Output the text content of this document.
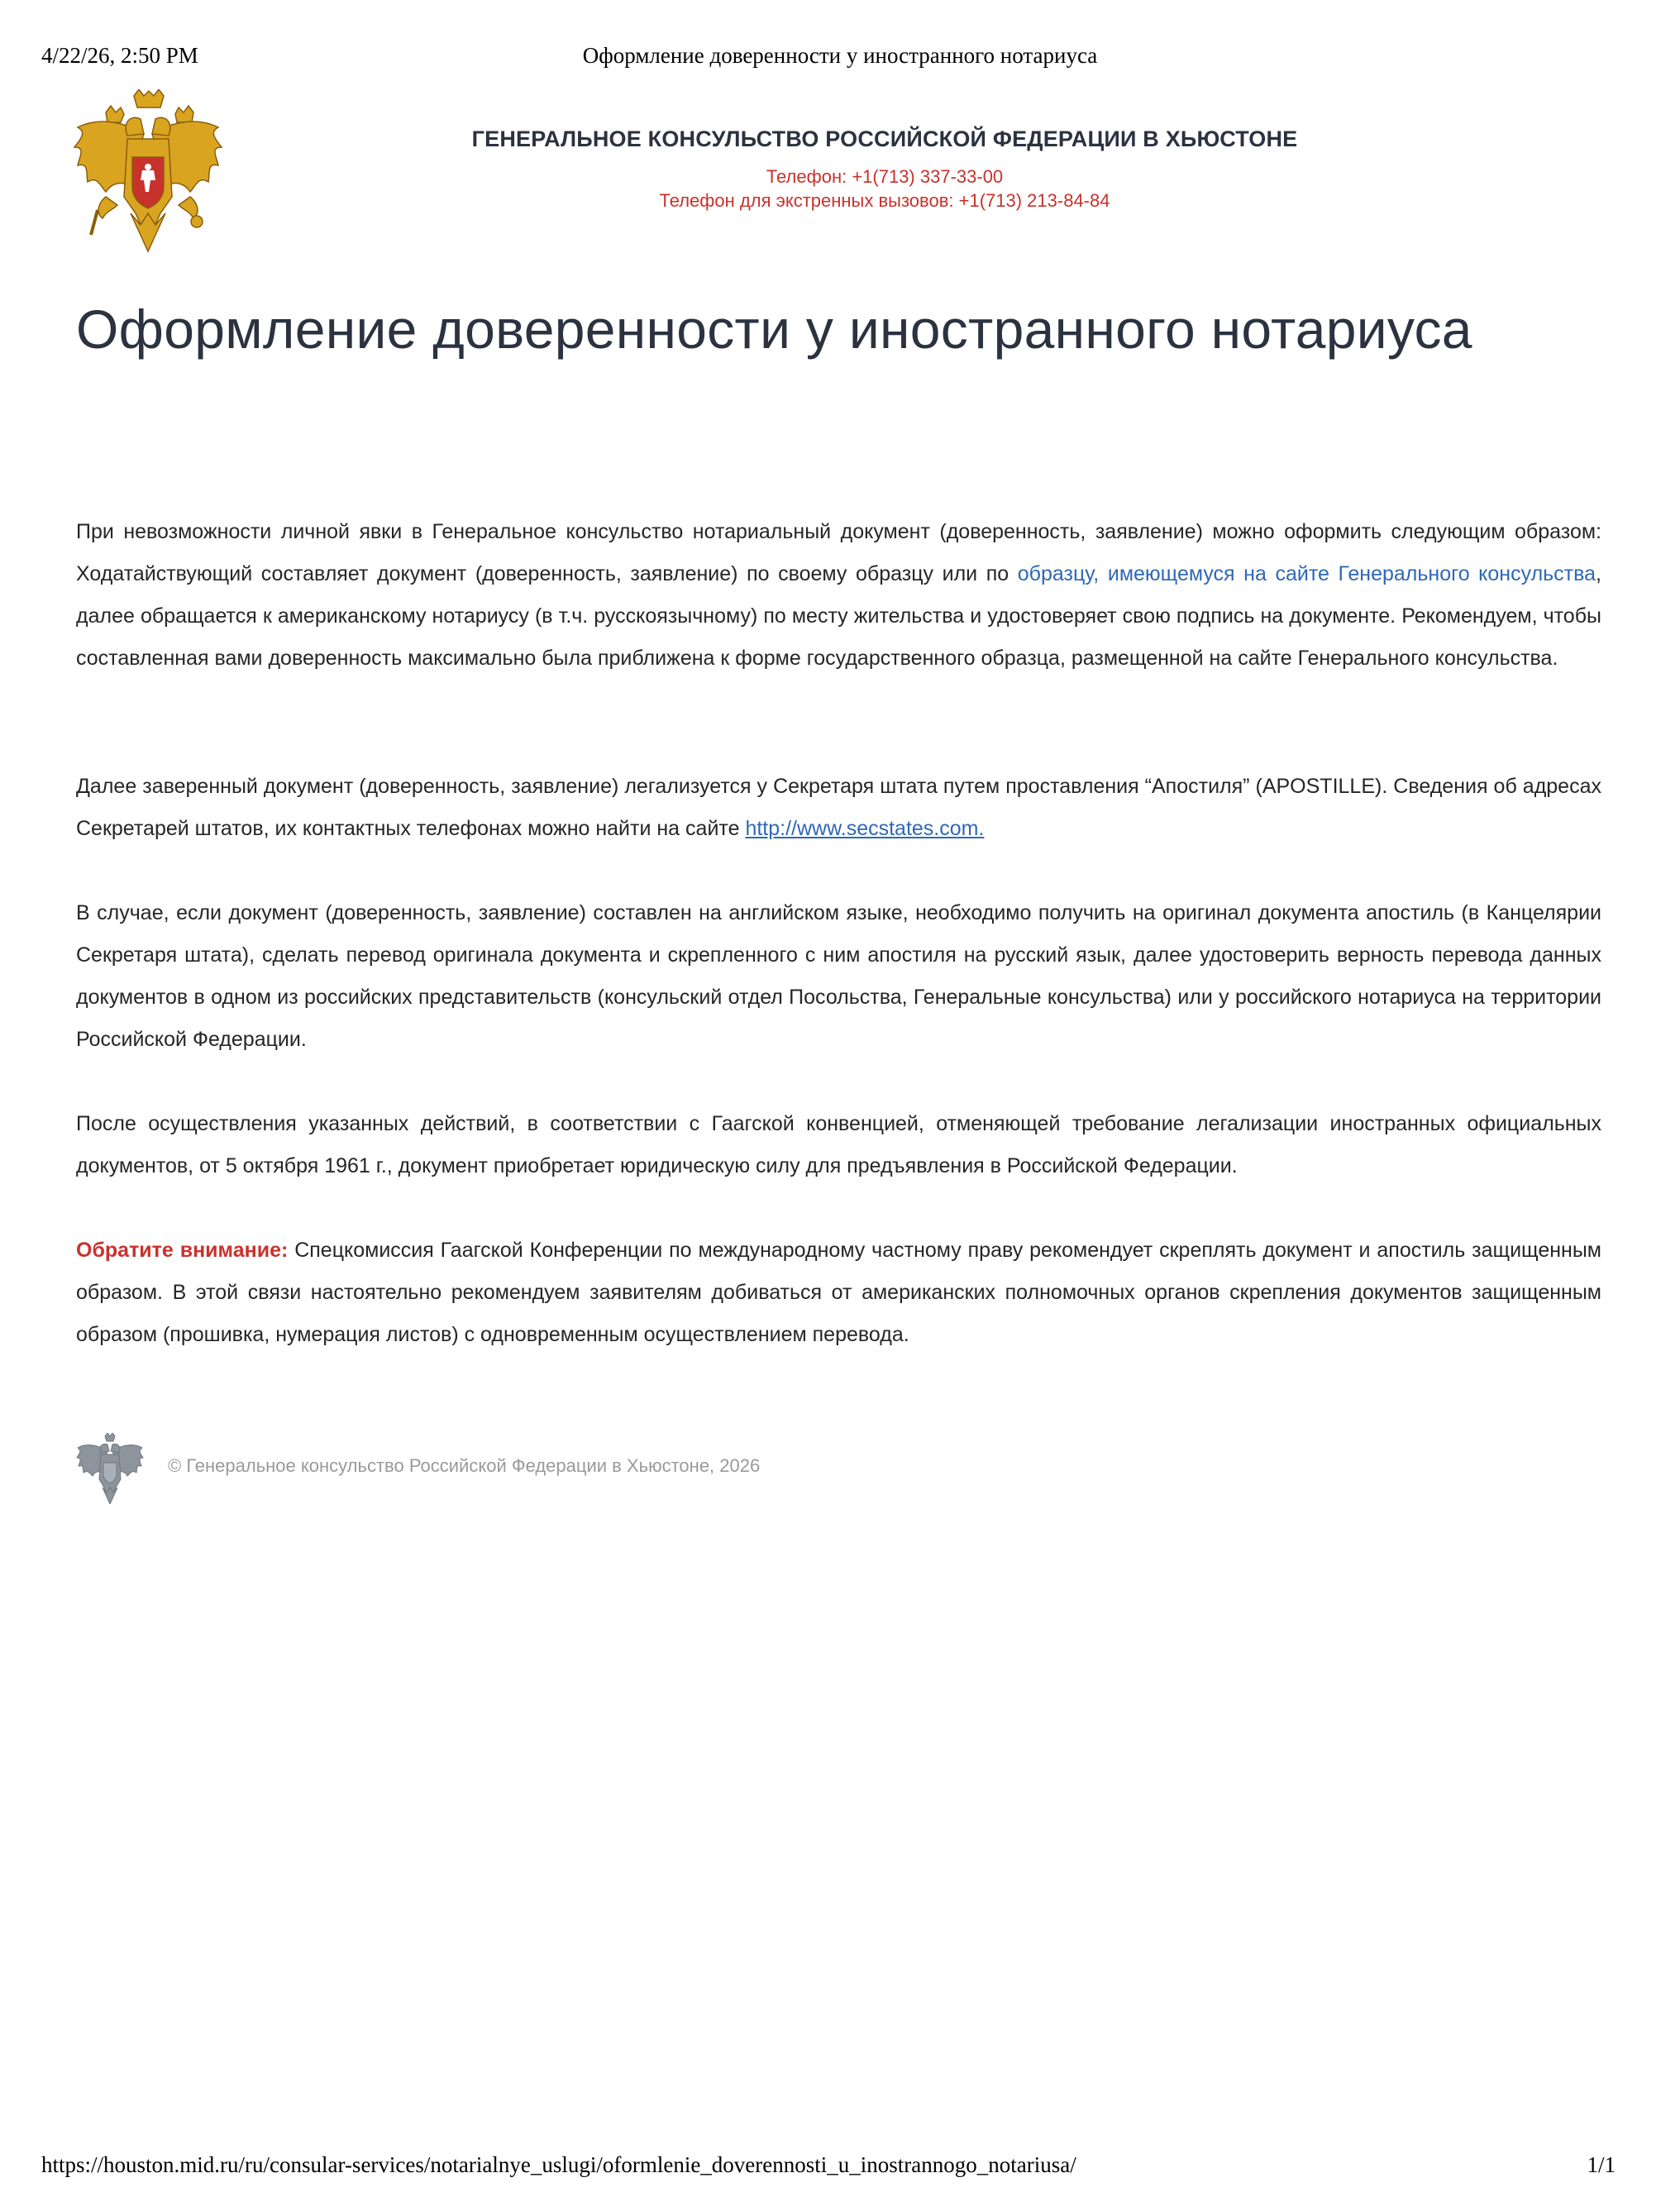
4/22/26, 2:50 PM	Оформление доверенности у иностранного нотариуса
ГЕНЕРАЛЬНОЕ КОНСУЛЬСТВО РОССИЙСКОЙ ФЕДЕРАЦИИ В ХЬЮСТОНЕ
Телефон: +1(713) 337-33-00
Телефон для экстренных вызовов: +1(713) 213-84-84
Оформление доверенности у иностранного нотариуса

При невозможности личной явки в Генеральное консульство нотариальный документ (доверенность, заявление) можно оформить следующим образом: Ходатайствующий составляет документ (доверенность, заявление) по своему образцу или по образцу, имеющемуся на сайте Генерального консульства, далее обращается к американскому нотариусу (в т.ч. русскоязычному) по месту жительства и удостоверяет свою подпись на документе. Рекомендуем, чтобы составленная вами доверенность максимально была приближена к форме государственного образца, размещенной на сайте Генерального консульства.

Далее заверенный документ (доверенность, заявление) легализуется у Секретаря штата путем проставления “Апостиля” (APOSTILLE). Сведения об адресах Секретарей штатов, их контактных телефонах можно найти на сайте http://www.secstates.com.

В случае, если документ (доверенность, заявление) составлен на английском языке, необходимо получить на оригинал документа апостиль (в Канцелярии Секретаря штата), сделать перевод оригинала документа и скрепленного с ним апостиля на русский язык, далее удостоверить верность перевода данных документов в одном из российских представительств (консульский отдел Посольства, Генеральные консульства) или у российского нотариуса на территории Российской Федерации.

После осуществления указанных действий, в соответствии с Гаагской конвенцией, отменяющей требование легализации иностранных официальных документов, от 5 октября 1961 г., документ приобретает юридическую силу для предъявления в Российской Федерации.

Обратите внимание: Спецкомиссия Гаагской Конференции по международному частному праву рекомендует скреплять документ и апостиль защищенным образом. В этой связи настоятельно рекомендуем заявителям добиваться от американских полномочных органов скрепления документов защищенным образом (прошивка, нумерация листов) с одновременным осуществлением перевода.

© Генеральное консульство Российской Федерации в Хьюстоне, 2026
https://houston.mid.ru/ru/consular-services/notarialnye_uslugi/oformlenie_doverennosti_u_inostrannogo_notariusa/	1/1
